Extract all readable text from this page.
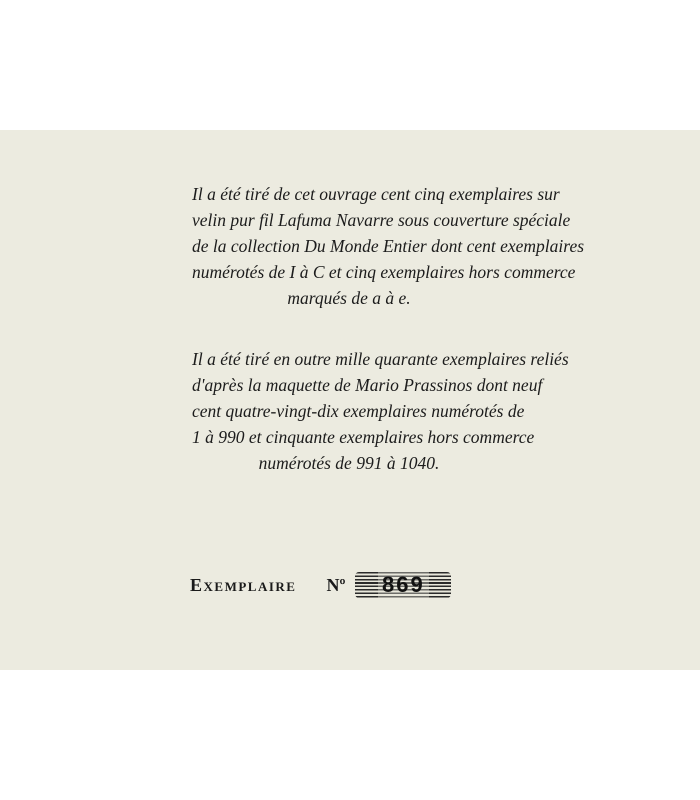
Il a été tiré de cet ouvrage cent cinq exemplaires sur
velin pur fil Lafuma Navarre sous couverture spéciale
de la collection Du Monde Entier dont cent exemplaires
numérotés de I à C et cinq exemplaires hors commerce
marqués de a à e.
Il a été tiré en outre mille quarante exemplaires reliés
d'après la maquette de Mario Prassinos dont neuf
cent quatre-vingt-dix exemplaires numérotés de
1 à 990 et cinquante exemplaires hors commerce
numérotés de 991 à 1040.
Exemplaire Nº 869
